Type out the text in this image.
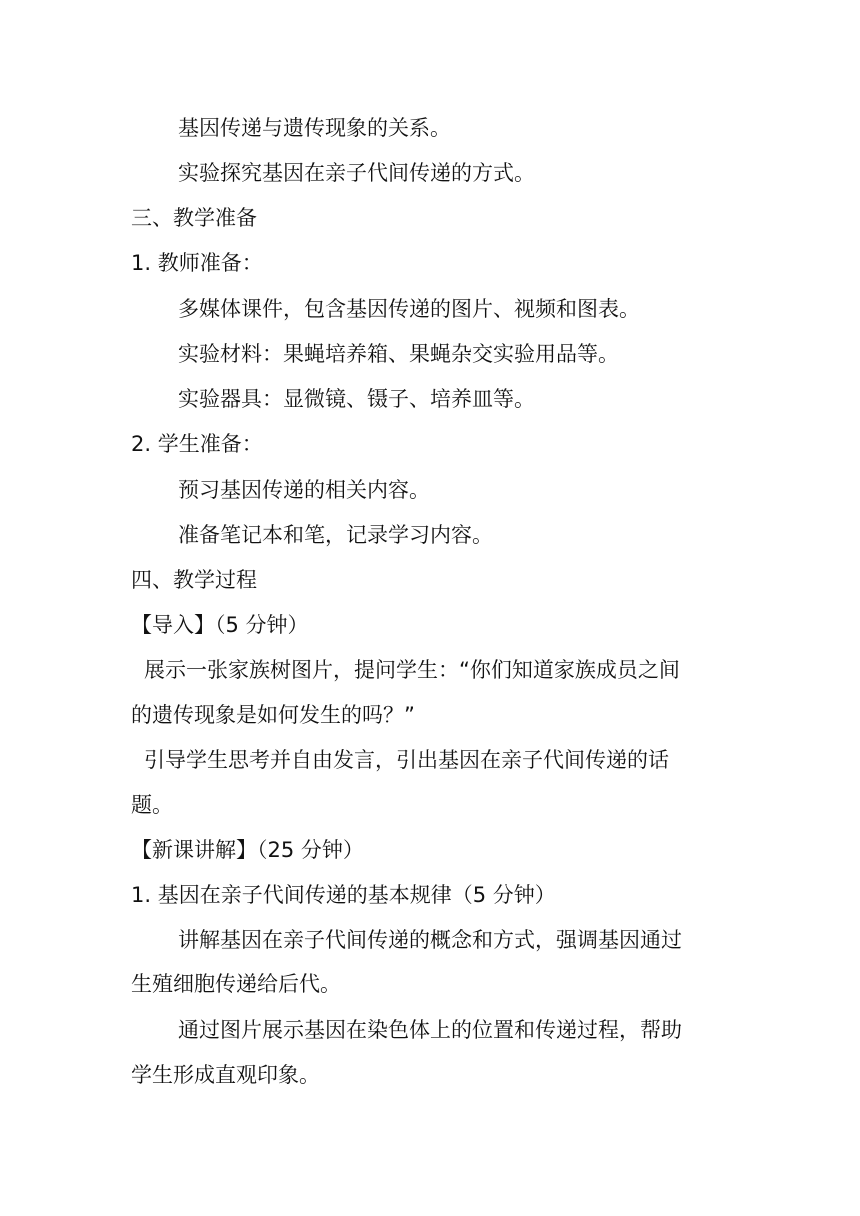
基因传递与遗传现象的关系。
实验探究基因在亲子代间传递的方式。
三、教学准备
1. 教师准备：
多媒体课件，包含基因传递的图片、视频和图表。
实验材料：果蝇培养箱、果蝇杂交实验用品等。
实验器具：显微镜、镊子、培养皿等。
2. 学生准备：
预习基因传递的相关内容。
准备笔记本和笔，记录学习内容。
四、教学过程
【导入】（5 分钟）
展示一张家族树图片，提问学生：“你们知道家族成员之间
的遗传现象是如何发生的吗？”
引导学生思考并自由发言，引出基因在亲子代间传递的话
题。
【新课讲解】（25 分钟）
1. 基因在亲子代间传递的基本规律（5 分钟）
讲解基因在亲子代间传递的概念和方式，强调基因通过
生殖细胞传递给后代。
通过图片展示基因在染色体上的位置和传递过程，帮助
学生形成直观印象。
